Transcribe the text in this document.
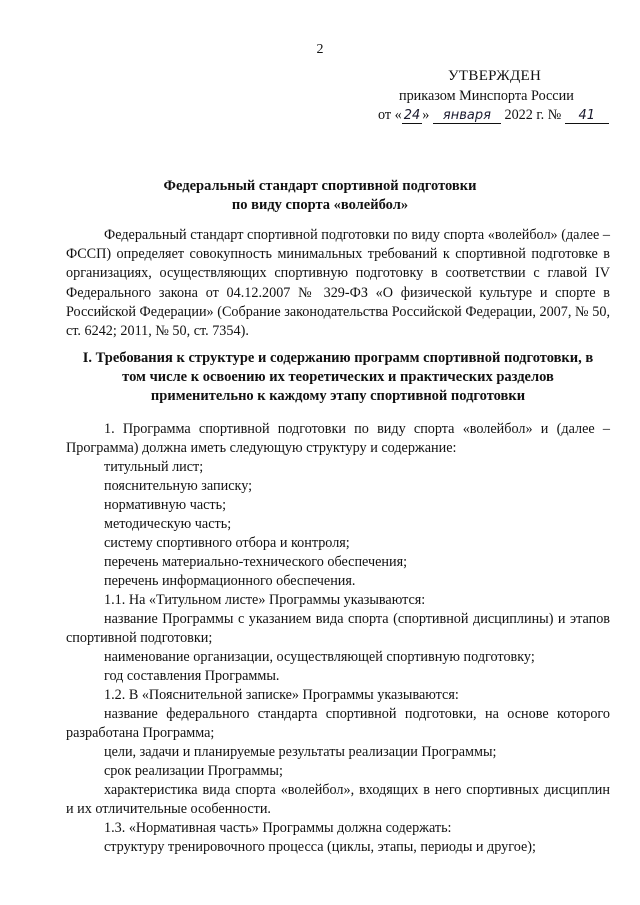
2
УТВЕРЖДЕН
приказом Минспорта России
от « 24 » января 2022 г. № 41
Федеральный стандарт спортивной подготовки
по виду спорта «волейбол»

Федеральный стандарт спортивной подготовки по виду спорта «волейбол» (далее – ФССП) определяет совокупность минимальных требований к спортивной подготовке в организациях, осуществляющих спортивную подготовку в соответствии с главой IV Федерального закона от 04.12.2007 № 329-ФЗ «О физической культуре и спорте в Российской Федерации» (Собрание законодательства Российской Федерации, 2007, № 50, ст. 6242; 2011, № 50, ст. 7354).

I. Требования к структуре и содержанию программ спортивной подготовки, в
том числе к освоению их теоретических и практических разделов
применительно к каждому этапу спортивной подготовки

1. Программа спортивной подготовки по виду спорта «волейбол» и (далее – Программа) должна иметь следующую структуру и содержание:

титульный лист;
пояснительную записку;
нормативную часть;
методическую часть;
систему спортивного отбора и контроля;
перечень материально-технического обеспечения;
перечень информационного обеспечения.
1.1. На «Титульном листе» Программы указываются:

название Программы с указанием вида спорта (спортивной дисциплины) и этапов спортивной подготовки;

наименование организации, осуществляющей спортивную подготовку;
год составления Программы.
1.2. В «Пояснительной записке» Программы указываются:

название федерального стандарта спортивной подготовки, на основе которого разработана Программа;

цели, задачи и планируемые результаты реализации Программы;
срок реализации Программы;

характеристика вида спорта «волейбол», входящих в него спортивных дисциплин и их отличительные особенности.

1.3. «Нормативная часть» Программы должна содержать:
структуру тренировочного процесса (циклы, этапы, периоды и другое);
